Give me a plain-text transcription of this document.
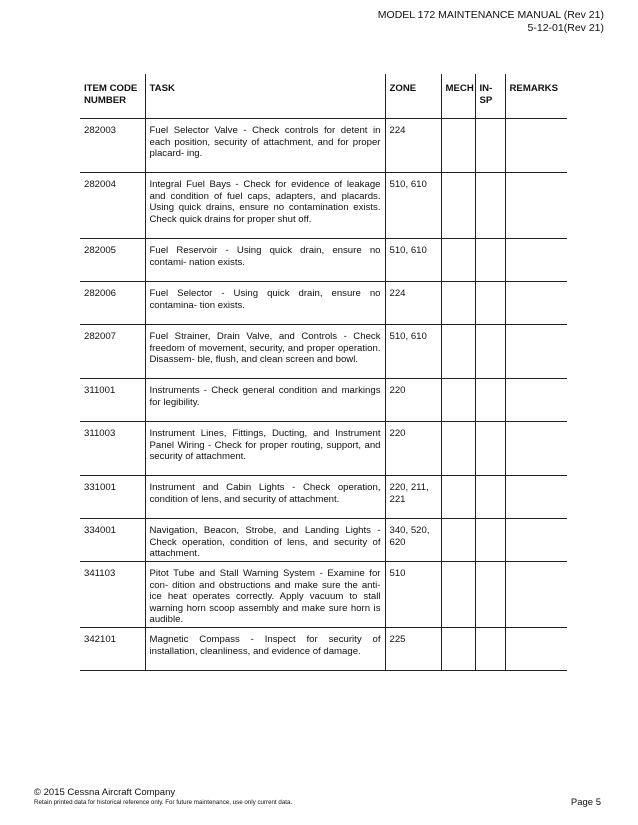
MODEL 172 MAINTENANCE MANUAL (Rev 21)
5-12-01(Rev 21)
ITEM CODE NUMBER	TASK	ZONE	MECH	IN- SP	REMARKS
282003	Fuel Selector Valve - Check controls for detent in each position, security of attachment, and for proper placard- ing.	224			
282004	Integral Fuel Bays - Check for evidence of leakage and condition of fuel caps, adapters, and placards. Using quick drains, ensure no contamination exists. Check quick drains for proper shut off.	510, 610			
282005	Fuel Reservoir - Using quick drain, ensure no contami- nation exists.	510, 610			
282006	Fuel Selector - Using quick drain, ensure no contamina- tion exists.	224			
282007	Fuel Strainer, Drain Valve, and Controls - Check freedom of movement, security, and proper operation. Disassem- ble, flush, and clean screen and bowl.	510, 610			
311001	Instruments - Check general condition and markings for legibility.	220			
311003	Instrument Lines, Fittings, Ducting, and Instrument Panel Wiring - Check for proper routing, support, and security of attachment.	220			
331001	Instrument and Cabin Lights - Check operation, condition of lens, and security of attachment.	220, 211, 221			
334001	Navigation, Beacon, Strobe, and Landing Lights - Check operation, condition of lens, and security of attachment.	340, 520, 620			
341103	Pitot Tube and Stall Warning System - Examine for con- dition and obstructions and make sure the anti-ice heat operates correctly. Apply vacuum to stall warning horn scoop assembly and make sure horn is audible.	510			
342101	Magnetic Compass - Inspect for security of installation, cleanliness, and evidence of damage.	225			
© 2015 Cessna Aircraft Company
Retain printed data for historical reference only. For future maintenance, use only current data.	Page 5
